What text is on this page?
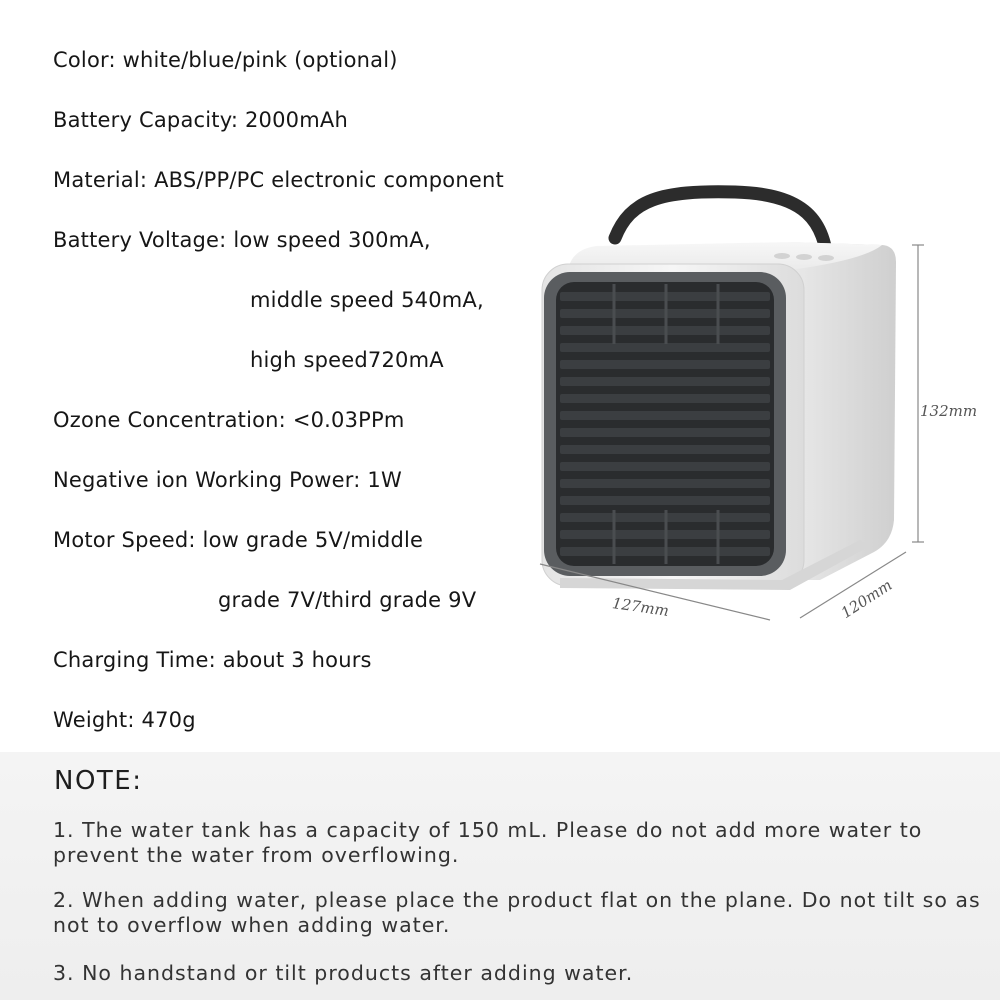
Color: white/blue/pink (optional)
Battery Capacity: 2000mAh
Material: ABS/PP/PC electronic component
Battery Voltage: low speed 300mA,
middle speed 540mA,
high speed720mA
Ozone Concentration: <0.03PPm
Negative ion Working Power: 1W
Motor Speed: low grade 5V/middle
grade 7V/third grade 9V
Charging Time: about 3 hours
Weight: 470g
132mm
127mm	120mm
NOTE:
1. The water tank has a capacity of 150 mL. Please do not add more water to prevent the water from overflowing.
2. When adding water, please place the product flat on the plane. Do not tilt so as not to overflow when adding water.
3. No handstand or tilt products after adding water.
